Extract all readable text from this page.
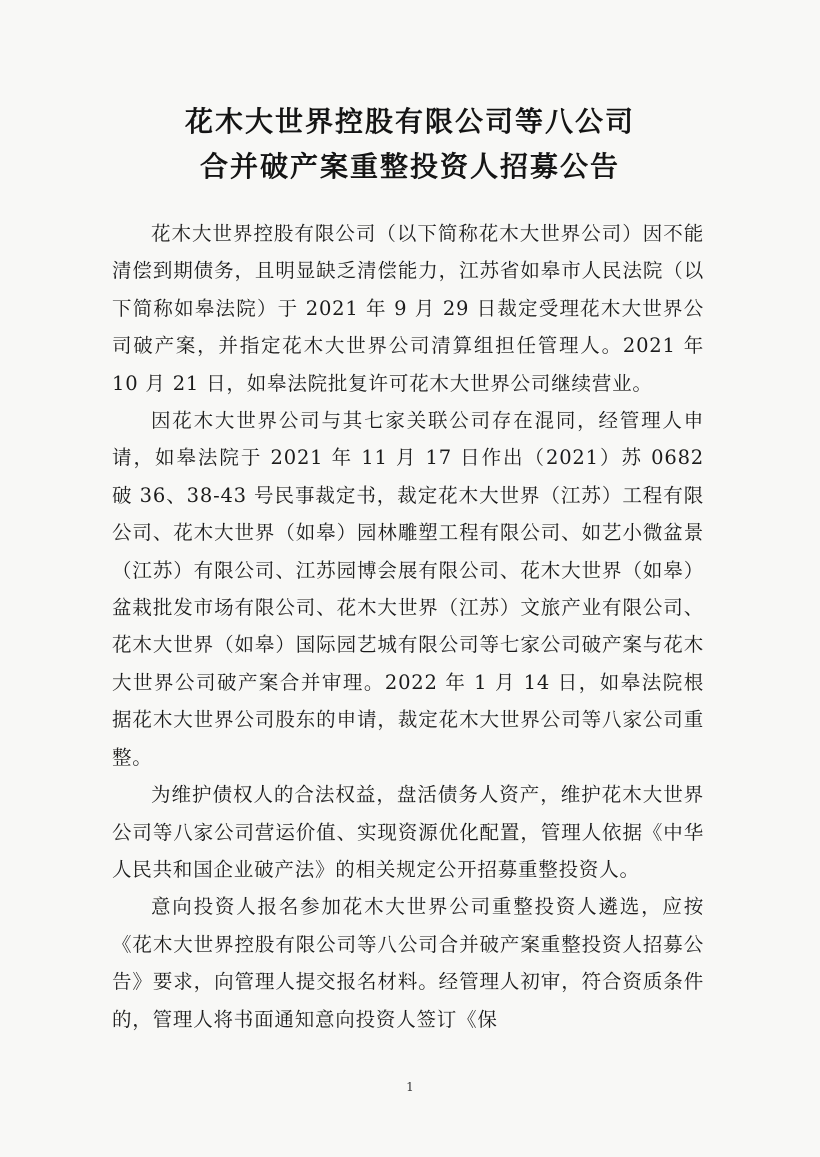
花木大世界控股有限公司等八公司
合并破产案重整投资人招募公告

花木大世界控股有限公司（以下简称花木大世界公司）因不能清偿到期债务，且明显缺乏清偿能力，江苏省如皋市人民法院（以下简称如皋法院）于 2021 年 9 月 29 日裁定受理花木大世界公司破产案，并指定花木大世界公司清算组担任管理人。2021 年 10 月 21 日，如皋法院批复许可花木大世界公司继续营业。

因花木大世界公司与其七家关联公司存在混同，经管理人申请，如皋法院于 2021 年 11 月 17 日作出（2021）苏 0682 破 36、38-43 号民事裁定书，裁定花木大世界（江苏）工程有限公司、花木大世界（如皋）园林雕塑工程有限公司、如艺小微盆景（江苏）有限公司、江苏园博会展有限公司、花木大世界（如皋）盆栽批发市场有限公司、花木大世界（江苏）文旅产业有限公司、花木大世界（如皋）国际园艺城有限公司等七家公司破产案与花木大世界公司破产案合并审理。2022 年 1 月 14 日，如皋法院根据花木大世界公司股东的申请，裁定花木大世界公司等八家公司重整。

为维护债权人的合法权益，盘活债务人资产，维护花木大世界公司等八家公司营运价值、实现资源优化配置，管理人依据《中华人民共和国企业破产法》的相关规定公开招募重整投资人。

意向投资人报名参加花木大世界公司重整投资人遴选，应按《花木大世界控股有限公司等八公司合并破产案重整投资人招募公告》要求，向管理人提交报名材料。经管理人初审，符合资质条件的，管理人将书面通知意向投资人签订《保

1
